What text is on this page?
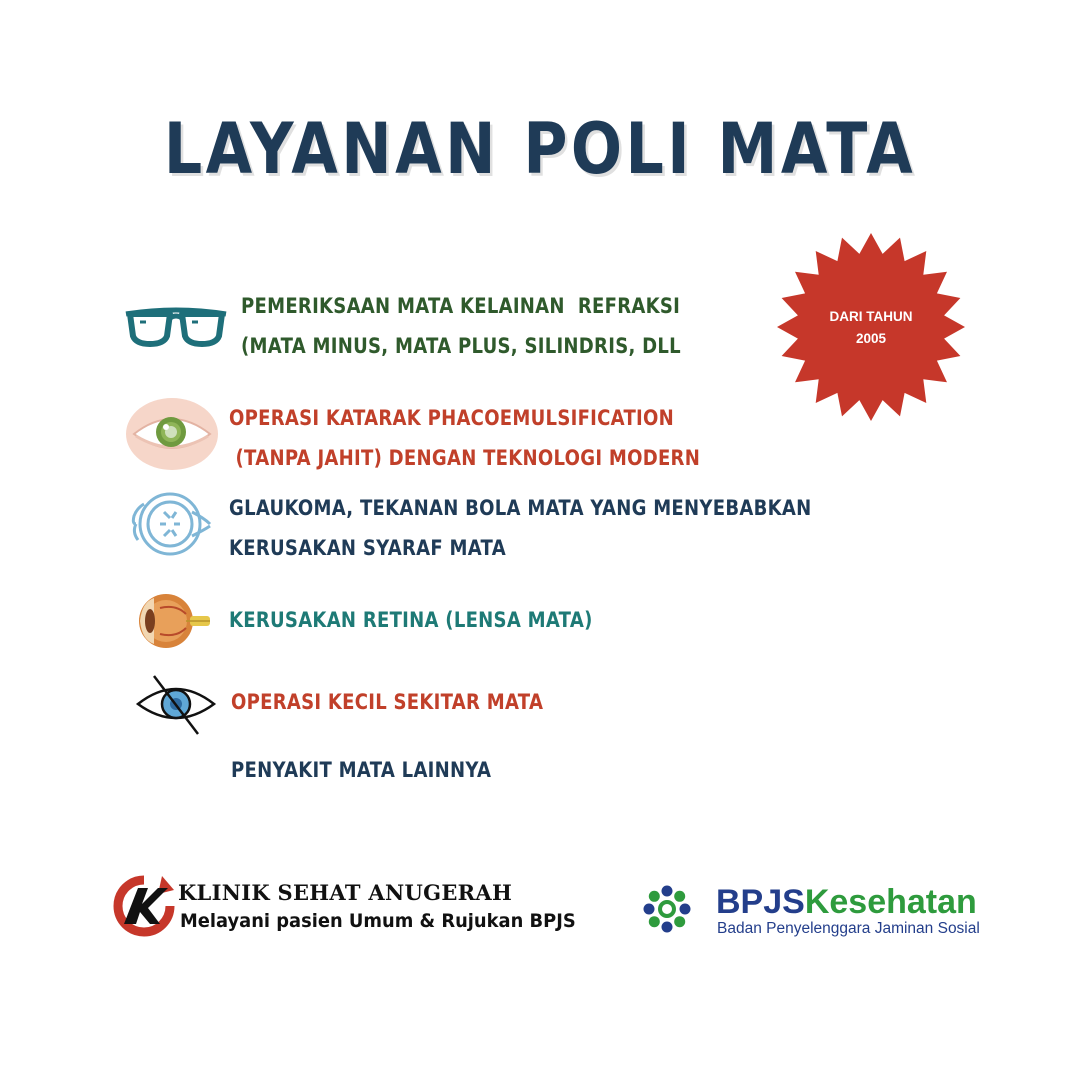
LAYANAN POLI MATA
DARI TAHUN
2005
PEMERIKSAAN MATA KELAINAN  REFRAKSI
(MATA MINUS, MATA PLUS, SILINDRIS, DLL
OPERASI KATARAK PHACOEMULSIFICATION
(TANPA JAHIT) DENGAN TEKNOLOGI MODERN
GLAUKOMA, TEKANAN BOLA MATA YANG MENYEBABKAN
KERUSAKAN SYARAF MATA
KERUSAKAN RETINA (LENSA MATA)
OPERASI KECIL SEKITAR MATA
PENYAKIT MATA LAINNYA
KLINIK SEHAT ANUGERAH
Melayani pasien Umum & Rujukan BPJS	BPJSKesehatan
Badan Penyelenggara Jaminan Sosial
